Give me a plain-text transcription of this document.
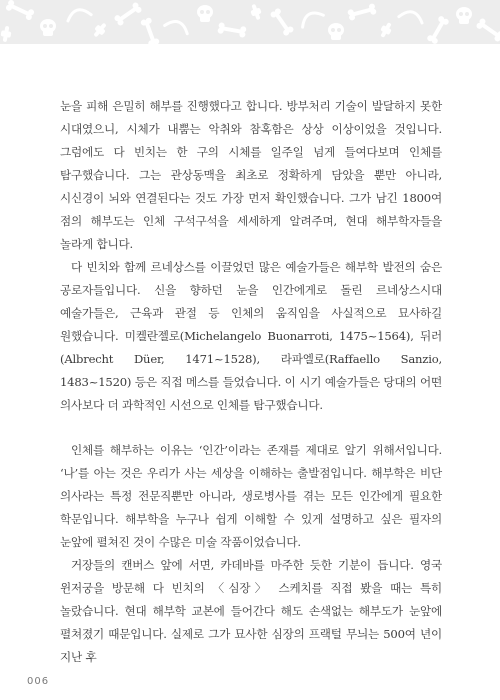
눈을 피해 은밀히 해부를 진행했다고 합니다. 방부처리 기술이 발달하지 못한 시대였으니, 시체가 내뿜는 악취와 참혹함은 상상 이상이었을 것입니다. 그럼에도 다 빈치는 한 구의 시체를 일주일 넘게 들여다보며 인체를 탐구했습니다. 그는 관상동맥을 최초로 정확하게 담았을 뿐만 아니라, 시신경이 뇌와 연결된다는 것도 가장 먼저 확인했습니다. 그가 남긴 1800여 점의 해부도는 인체 구석구석을 세세하게 알려주며, 현대 해부학자들을 놀라게 합니다.

다 빈치와 함께 르네상스를 이끌었던 많은 예술가들은 해부학 발전의 숨은 공로자들입니다. 신을 향하던 눈을 인간에게로 돌린 르네상스시대 예술가들은, 근육과 관절 등 인체의 움직임을 사실적으로 묘사하길 원했습니다. 미켈란젤로(Michelangelo Buonarroti, 1475~1564), 뒤러(Albrecht Düer, 1471~1528), 라파엘로(Raffaello Sanzio, 1483~1520) 등은 직접 메스를 들었습니다. 이 시기 예술가들은 당대의 어떤 의사보다 더 과학적인 시선으로 인체를 탐구했습니다.

인체를 해부하는 이유는 ‘인간’이라는 존재를 제대로 알기 위해서입니다. ‘나’를 아는 것은 우리가 사는 세상을 이해하는 출발점입니다. 해부학은 비단 의사라는 특정 전문직뿐만 아니라, 생로병사를 겪는 모든 인간에게 필요한 학문입니다. 해부학을 누구나 쉽게 이해할 수 있게 설명하고 싶은 필자의 눈앞에 펼쳐진 것이 수많은 미술 작품이었습니다.

거장들의 캔버스 앞에 서면, 카데바를 마주한 듯한 기분이 듭니다. 영국 윈저궁을 방문해 다 빈치의 〈심장〉 스케치를 직접 봤을 때는 특히 놀랐습니다. 현대 해부학 교본에 들어간다 해도 손색없는 해부도가 눈앞에 펼쳐졌기 때문입니다. 실제로 그가 묘사한 심장의 프랙털 무늬는 500여 년이 지난 후

006
